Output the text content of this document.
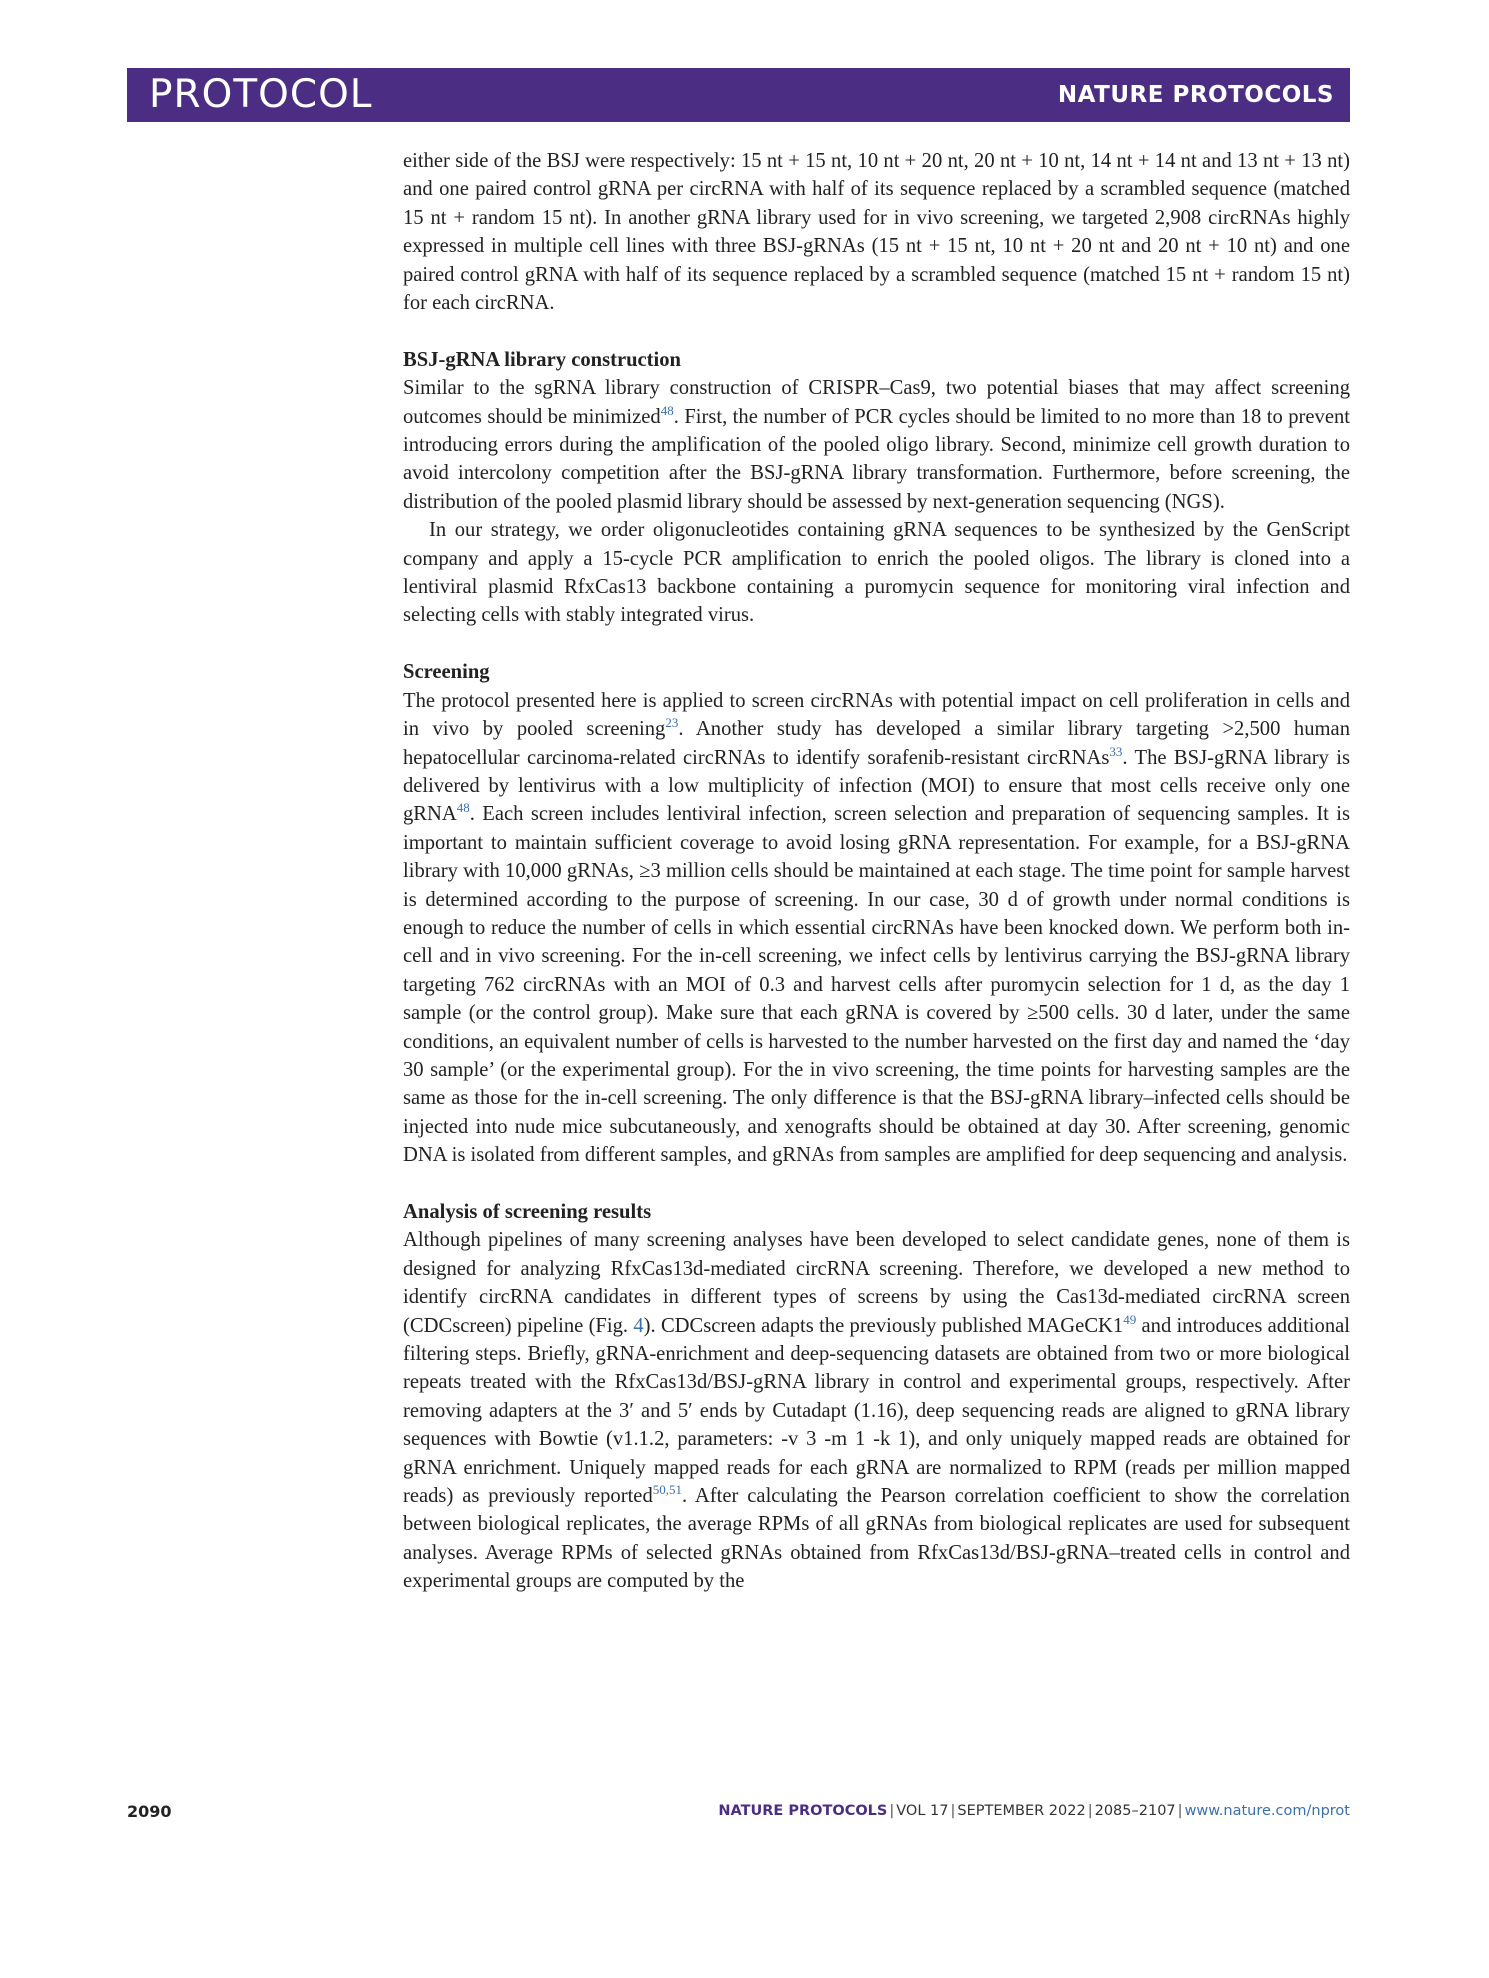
PROTOCOL	NATURE PROTOCOLS

either side of the BSJ were respectively: 15 nt + 15 nt, 10 nt + 20 nt, 20 nt + 10 nt, 14 nt + 14 nt and 13 nt + 13 nt) and one paired control gRNA per circRNA with half of its sequence replaced by a scrambled sequence (matched 15 nt + random 15 nt). In another gRNA library used for in vivo screening, we targeted 2,908 circRNAs highly expressed in multiple cell lines with three BSJ-gRNAs (15 nt + 15 nt, 10 nt + 20 nt and 20 nt + 10 nt) and one paired control gRNA with half of its sequence replaced by a scrambled sequence (matched 15 nt + random 15 nt) for each circRNA.

BSJ-gRNA library construction

Similar to the sgRNA library construction of CRISPR–Cas9, two potential biases that may affect screening outcomes should be minimized$^{48}$. First, the number of PCR cycles should be limited to no more than 18 to prevent introducing errors during the amplification of the pooled oligo library. Second, minimize cell growth duration to avoid intercolony competition after the BSJ-gRNA library transformation. Furthermore, before screening, the distribution of the pooled plasmid library should be assessed by next-generation sequencing (NGS).

In our strategy, we order oligonucleotides containing gRNA sequences to be synthesized by the GenScript company and apply a 15-cycle PCR amplification to enrich the pooled oligos. The library is cloned into a lentiviral plasmid RfxCas13 backbone containing a puromycin sequence for monitoring viral infection and selecting cells with stably integrated virus.

Screening

The protocol presented here is applied to screen circRNAs with potential impact on cell proliferation in cells and in vivo by pooled screening$^{23}$. Another study has developed a similar library targeting >2,500 human hepatocellular carcinoma-related circRNAs to identify sorafenib-resistant circRNAs$^{33}$. The BSJ-gRNA library is delivered by lentivirus with a low multiplicity of infection (MOI) to ensure that most cells receive only one gRNA$^{48}$. Each screen includes lentiviral infection, screen selection and preparation of sequencing samples. It is important to maintain sufficient coverage to avoid losing gRNA representation. For example, for a BSJ-gRNA library with 10,000 gRNAs, ≥3 million cells should be maintained at each stage. The time point for sample harvest is determined according to the purpose of screening. In our case, 30 d of growth under normal conditions is enough to reduce the number of cells in which essential circRNAs have been knocked down. We perform both in-cell and in vivo screening. For the in-cell screening, we infect cells by lentivirus carrying the BSJ-gRNA library targeting 762 circRNAs with an MOI of 0.3 and harvest cells after puromycin selection for 1 d, as the day 1 sample (or the control group). Make sure that each gRNA is covered by ≥500 cells. 30 d later, under the same conditions, an equivalent number of cells is harvested to the number harvested on the first day and named the ‘day 30 sample’ (or the experimental group). For the in vivo screening, the time points for harvesting samples are the same as those for the in-cell screening. The only difference is that the BSJ-gRNA library–infected cells should be injected into nude mice subcutaneously, and xenografts should be obtained at day 30. After screening, genomic DNA is isolated from different samples, and gRNAs from samples are amplified for deep sequencing and analysis.

Analysis of screening results

Although pipelines of many screening analyses have been developed to select candidate genes, none of them is designed for analyzing RfxCas13d-mediated circRNA screening. Therefore, we developed a new method to identify circRNA candidates in different types of screens by using the Cas13d-mediated circRNA screen (CDCscreen) pipeline (Fig. 4). CDCscreen adapts the previously published $MAGeCK1^{49}$ and introduces additional filtering steps. Briefly, gRNA-enrichment and deep-sequencing datasets are obtained from two or more biological repeats treated with the RfxCas13d/BSJ-gRNA library in control and experimental groups, respectively. After removing adapters at the 3′ and 5′ ends by Cutadapt (1.16), deep sequencing reads are aligned to gRNA library sequences with Bowtie (v1.1.2, parameters: -v 3 -m 1 -k 1), and only uniquely mapped reads are obtained for gRNA enrichment. Uniquely mapped reads for each gRNA are normalized to RPM (reads per million mapped reads) as previously reported$^{50,51}$. After calculating the Pearson correlation coefficient to show the correlation between biological replicates, the average RPMs of all gRNAs from biological replicates are used for subsequent analyses. Average RPMs of selected gRNAs obtained from RfxCas13d/BSJ-gRNA–treated cells in control and experimental groups are computed by the

2090	NATURE PROTOCOLS | VOL 17 | SEPTEMBER 2022 | 2085–2107 | www.nature.com/nprot
